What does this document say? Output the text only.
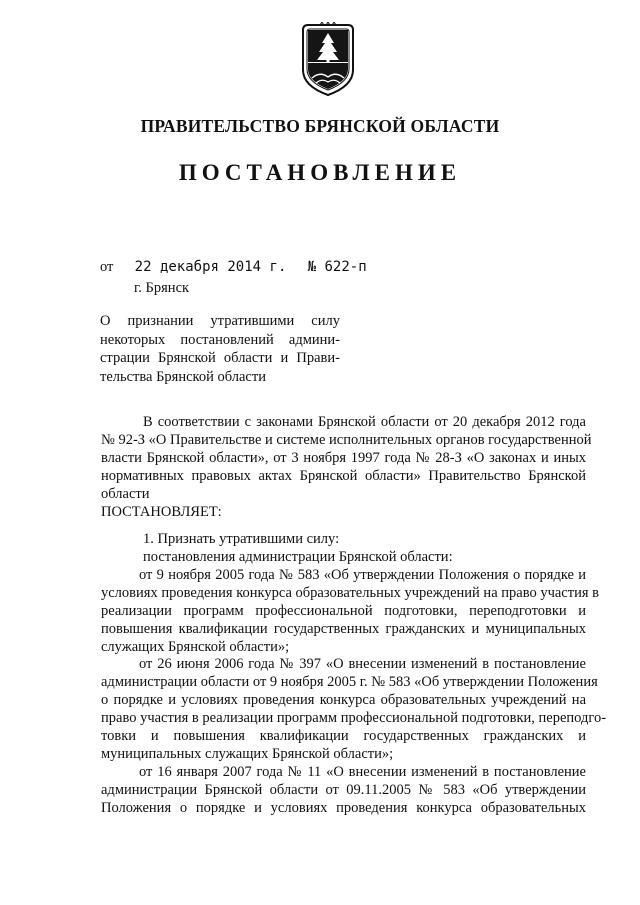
ПРАВИТЕЛЬСТВО БРЯНСКОЙ ОБЛАСТИ
ПОСТАНОВЛЕНИЕ
от 22 декабря 2014 г. № 622-п
г. Брянск
О признании утратившими силу
некоторых постановлений админи-
страции Брянской области и Прави-
тельства Брянской области
В соответствии с законами Брянской области от 20 декабря 2012 года
№ 92-З «О Правительстве и системе исполнительных органов государственной
власти Брянской области», от 3 ноября 1997 года № 28-З «О законах и иных
нормативных правовых актах Брянской области» Правительство Брянской
области
ПОСТАНОВЛЯЕТ:
1. Признать утратившими силу:
постановления администрации Брянской области:
от 9 ноября 2005 года № 583 «Об утверждении Положения о порядке и
условиях проведения конкурса образовательных учреждений на право участия в
реализации программ профессиональной подготовки, переподготовки и
повышения квалификации государственных гражданских и муниципальных
служащих Брянской области»;
от 26 июня 2006 года № 397 «О внесении изменений в постановление
администрации области от 9 ноября 2005 г. № 583 «Об утверждении Положения
о порядке и условиях проведения конкурса образовательных учреждений на
право участия в реализации программ профессиональной подготовки, переподго-
товки и повышения квалификации государственных гражданских и
муниципальных служащих Брянской области»;
от 16 января 2007 года № 11 «О внесении изменений в постановление
администрации Брянской области от 09.11.2005 № 583 «Об утверждении
Положения о порядке и условиях проведения конкурса образовательных
